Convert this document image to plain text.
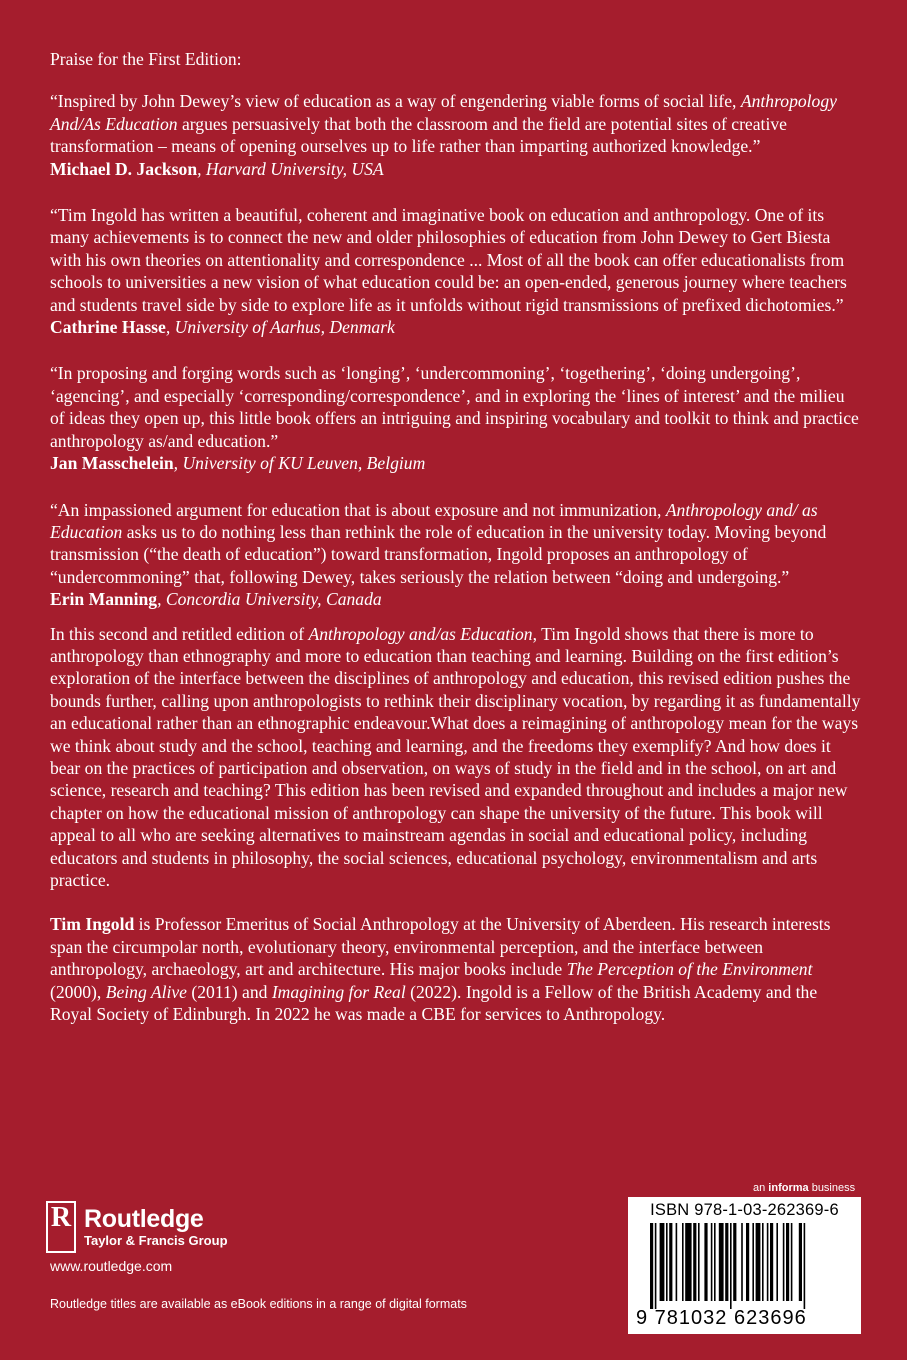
Praise for the First Edition:

“Inspired by John Dewey’s view of education as a way of engendering viable forms of social life, Anthropology And/As Education argues persuasively that both the classroom and the field are potential sites of creative transformation – means of opening ourselves up to life rather than imparting authorized knowledge.”

Michael D. Jackson, Harvard University, USA

“Tim Ingold has written a beautiful, coherent and imaginative book on education and anthropology. One of its many achievements is to connect the new and older philosophies of education from John Dewey to Gert Biesta with his own theories on attentionality and correspondence ... Most of all the book can offer educationalists from schools to universities a new vision of what education could be: an open-ended, generous journey where teachers and students travel side by side to explore life as it unfolds without rigid transmissions of prefixed dichotomies.”

Cathrine Hasse, University of Aarhus, Denmark

“In proposing and forging words such as ‘longing’, ‘undercommoning’, ‘togethering’, ‘doing undergoing’, ‘agencing’, and especially ‘corresponding/correspondence’, and in exploring the ‘lines of interest’ and the milieu of ideas they open up, this little book offers an intriguing and inspiring vocabulary and toolkit to think and practice anthropology as/and education.”

Jan Masschelein, University of KU Leuven, Belgium

“An impassioned argument for education that is about exposure and not immunization, Anthropology and/ as Education asks us to do nothing less than rethink the role of education in the university today. Moving beyond transmission (“the death of education”) toward transformation, Ingold proposes an anthropology of “undercommoning” that, following Dewey, takes seriously the relation between “doing and undergoing.”

Erin Manning, Concordia University, Canada

In this second and retitled edition of Anthropology and/as Education, Tim Ingold shows that there is more to anthropology than ethnography and more to education than teaching and learning. Building on the first edition’s exploration of the interface between the disciplines of anthropology and education, this revised edition pushes the bounds further, calling upon anthropologists to rethink their disciplinary vocation, by regarding it as fundamentally an educational rather than an ethnographic endeavour.What does a reimagining of anthropology mean for the ways we think about study and the school, teaching and learning, and the freedoms they exemplify? And how does it bear on the practices of participation and observation, on ways of study in the field and in the school, on art and science, research and teaching? This edition has been revised and expanded throughout and includes a major new chapter on how the educational mission of anthropology can shape the university of the future. This book will appeal to all who are seeking alternatives to mainstream agendas in social and educational policy, including educators and students in philosophy, the social sciences, educational psychology, environmentalism and arts practice.

Tim Ingold is Professor Emeritus of Social Anthropology at the University of Aberdeen. His research interests span the circumpolar north, evolutionary theory, environmental perception, and the interface between anthropology, archaeology, art and architecture. His major books include The Perception of the Environment (2000), Being Alive (2011) and Imagining for Real (2022). Ingold is a Fellow of the British Academy and the Royal Society of Edinburgh. In 2022 he was made a CBE for services to Anthropology.

R Routledge
Taylor & Francis Group
www.routledge.com
Routledge titles are available as eBook editions in a range of digital formats
an informa business
ISBN 978-1-03-262369-6
9 781032 623696
